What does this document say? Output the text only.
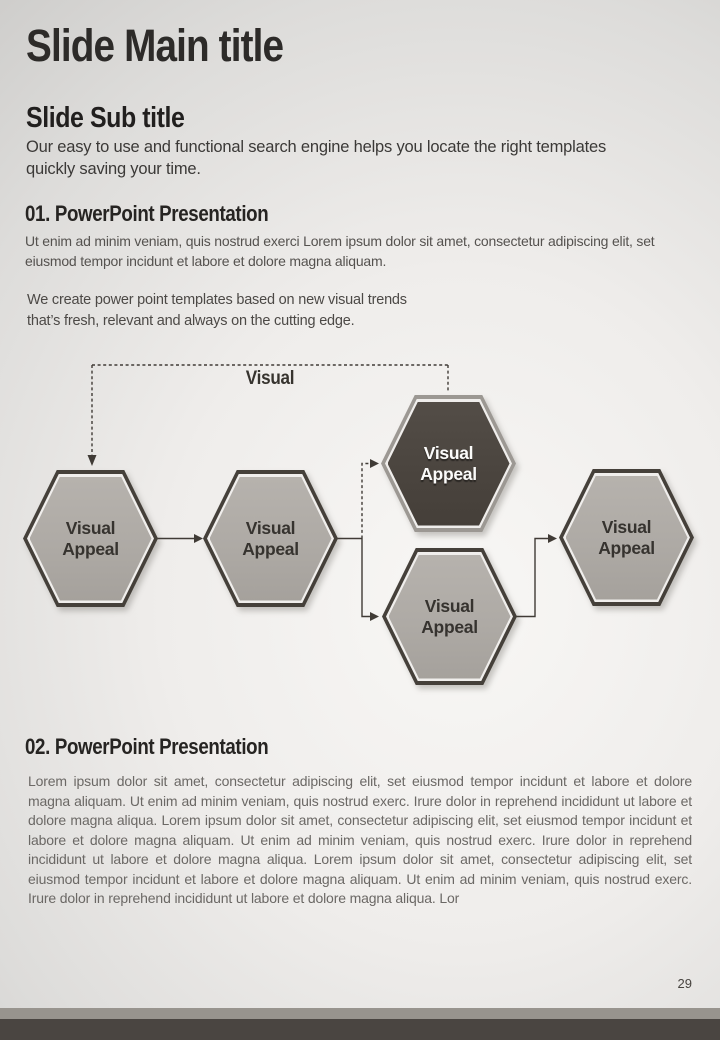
Slide Main title
Slide Sub title
Our easy to use and functional search engine helps you locate the right templates quickly saving your time.
01. PowerPoint Presentation
Ut enim ad minim veniam, quis nostrud exerci Lorem ipsum dolor sit amet, consectetur adipiscing elit, set eiusmod tempor incidunt et labore et dolore magna aliquam.
We create power point templates based on new visual trends that’s fresh, relevant and always on the cutting edge.
Visual
Visual Appeal
Visual Appeal
Visual Appeal
Visual Appeal
Visual Appeal
02. PowerPoint Presentation
Lorem ipsum dolor sit amet, consectetur adipiscing elit, set eiusmod tempor incidunt et labore et dolore magna aliquam. Ut enim ad minim veniam, quis nostrud exerc. Irure dolor in reprehend incididunt ut labore et dolore magna aliqua. Lorem ipsum dolor sit amet, consectetur adipiscing elit, set eiusmod tempor incidunt et labore et dolore magna aliquam. Ut enim ad minim veniam, quis nostrud exerc. Irure dolor in reprehend incididunt ut labore et dolore magna aliqua. Lorem ipsum dolor sit amet, consectetur adipiscing elit, set eiusmod tempor incidunt et labore et dolore magna aliquam. Ut enim ad minim veniam, quis nostrud exerc. Irure dolor in reprehend incididunt ut labore et dolore magna aliqua. Lor
29
